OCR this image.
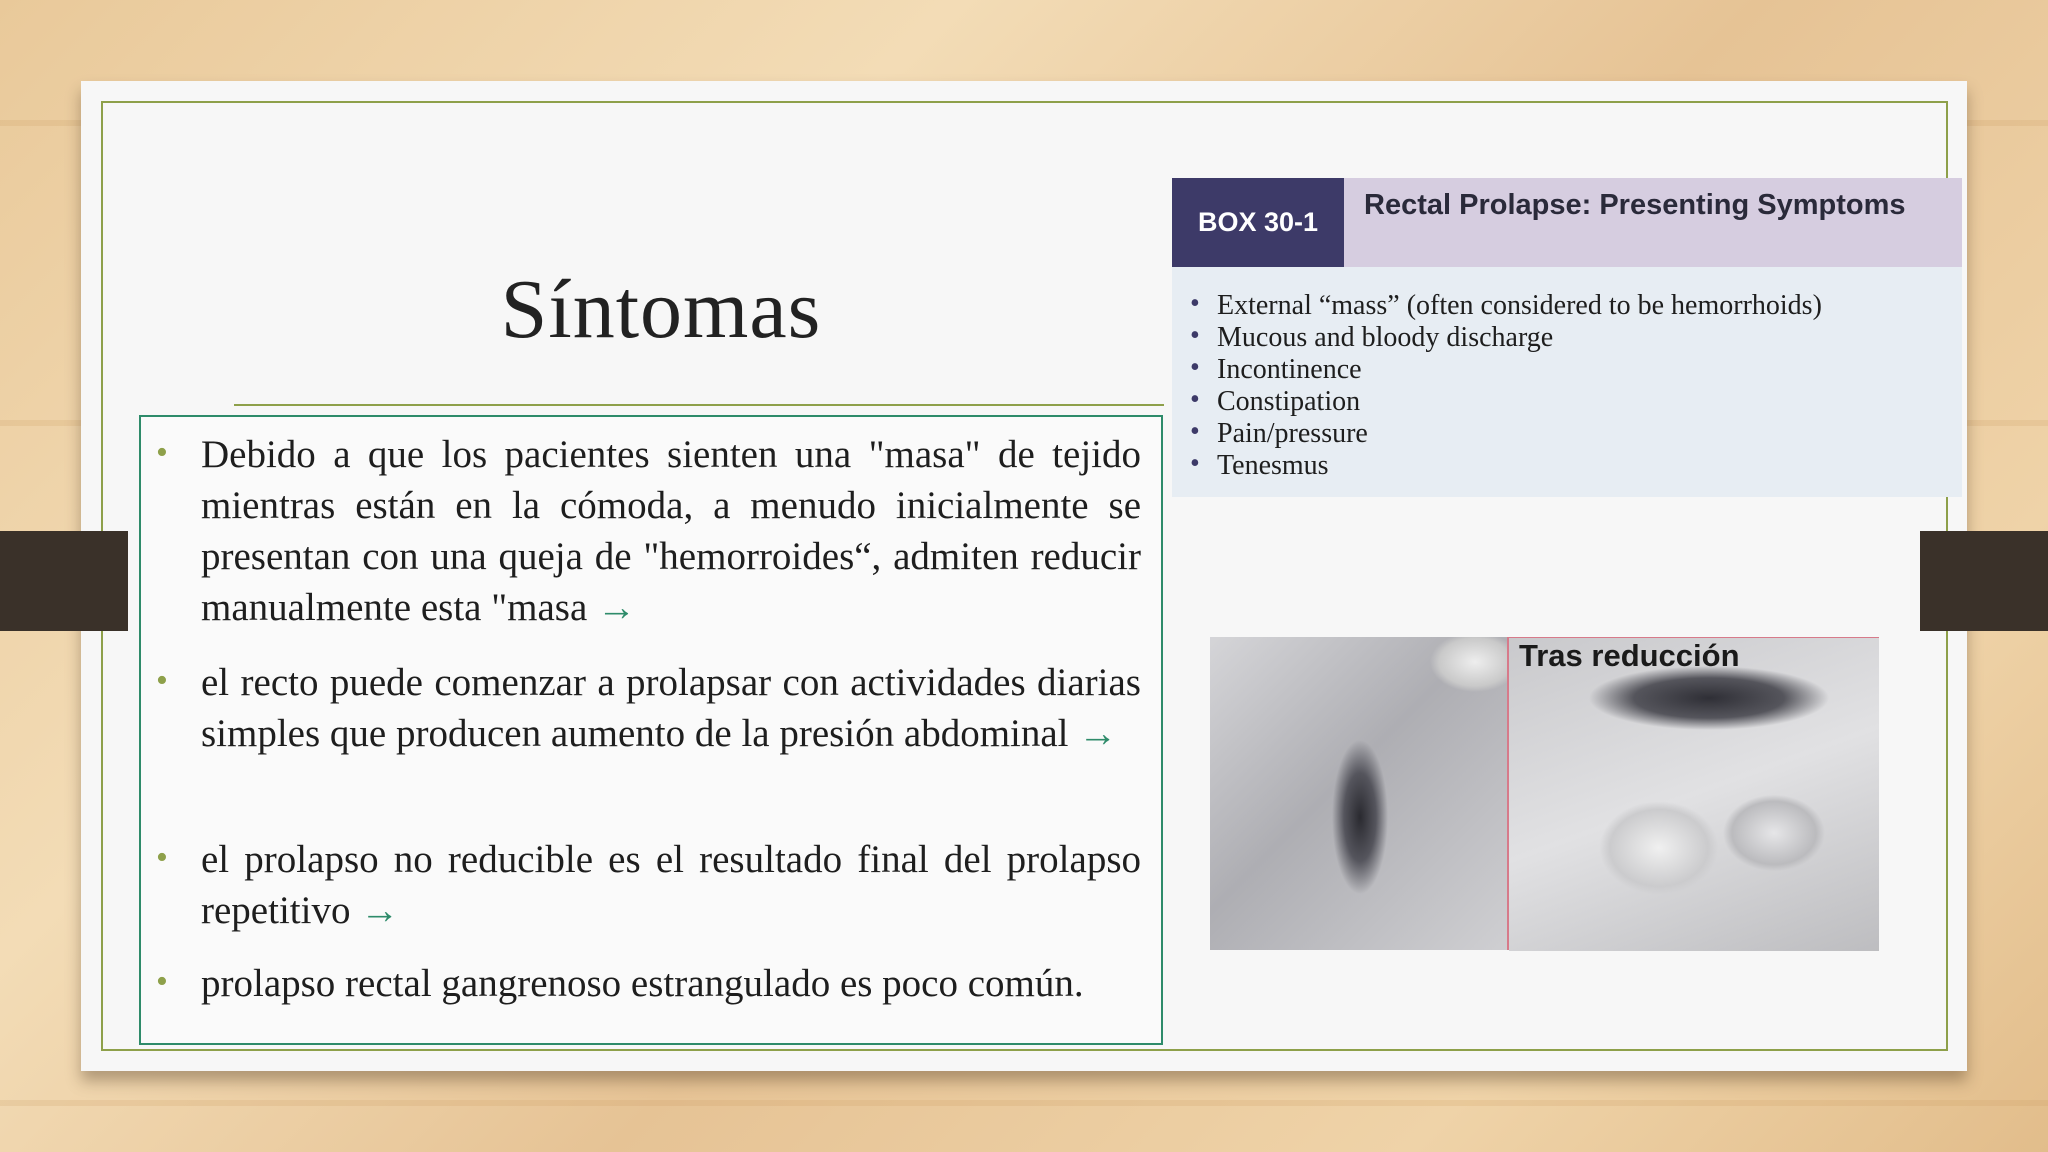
Síntomas
• Debido a que los pacientes sienten una "masa" de tejido mientras están en la cómoda, a menudo inicialmente se presentan con una queja de "hemorroides“, admiten reducir manualmente esta "masa →
• el recto puede comenzar a prolapsar con actividades diarias simples que producen aumento de la presión abdominal →
• el prolapso no reducible es el resultado final del prolapso repetitivo →
• prolapso rectal gangrenoso estrangulado es poco común.
BOX 30-1
Rectal Prolapse: Presenting Symptoms
• External “mass” (often considered to be hemorrhoids)
• Mucous and bloody discharge
• Incontinence
• Constipation
• Pain/pressure
• Tenesmus
Tras reducción
